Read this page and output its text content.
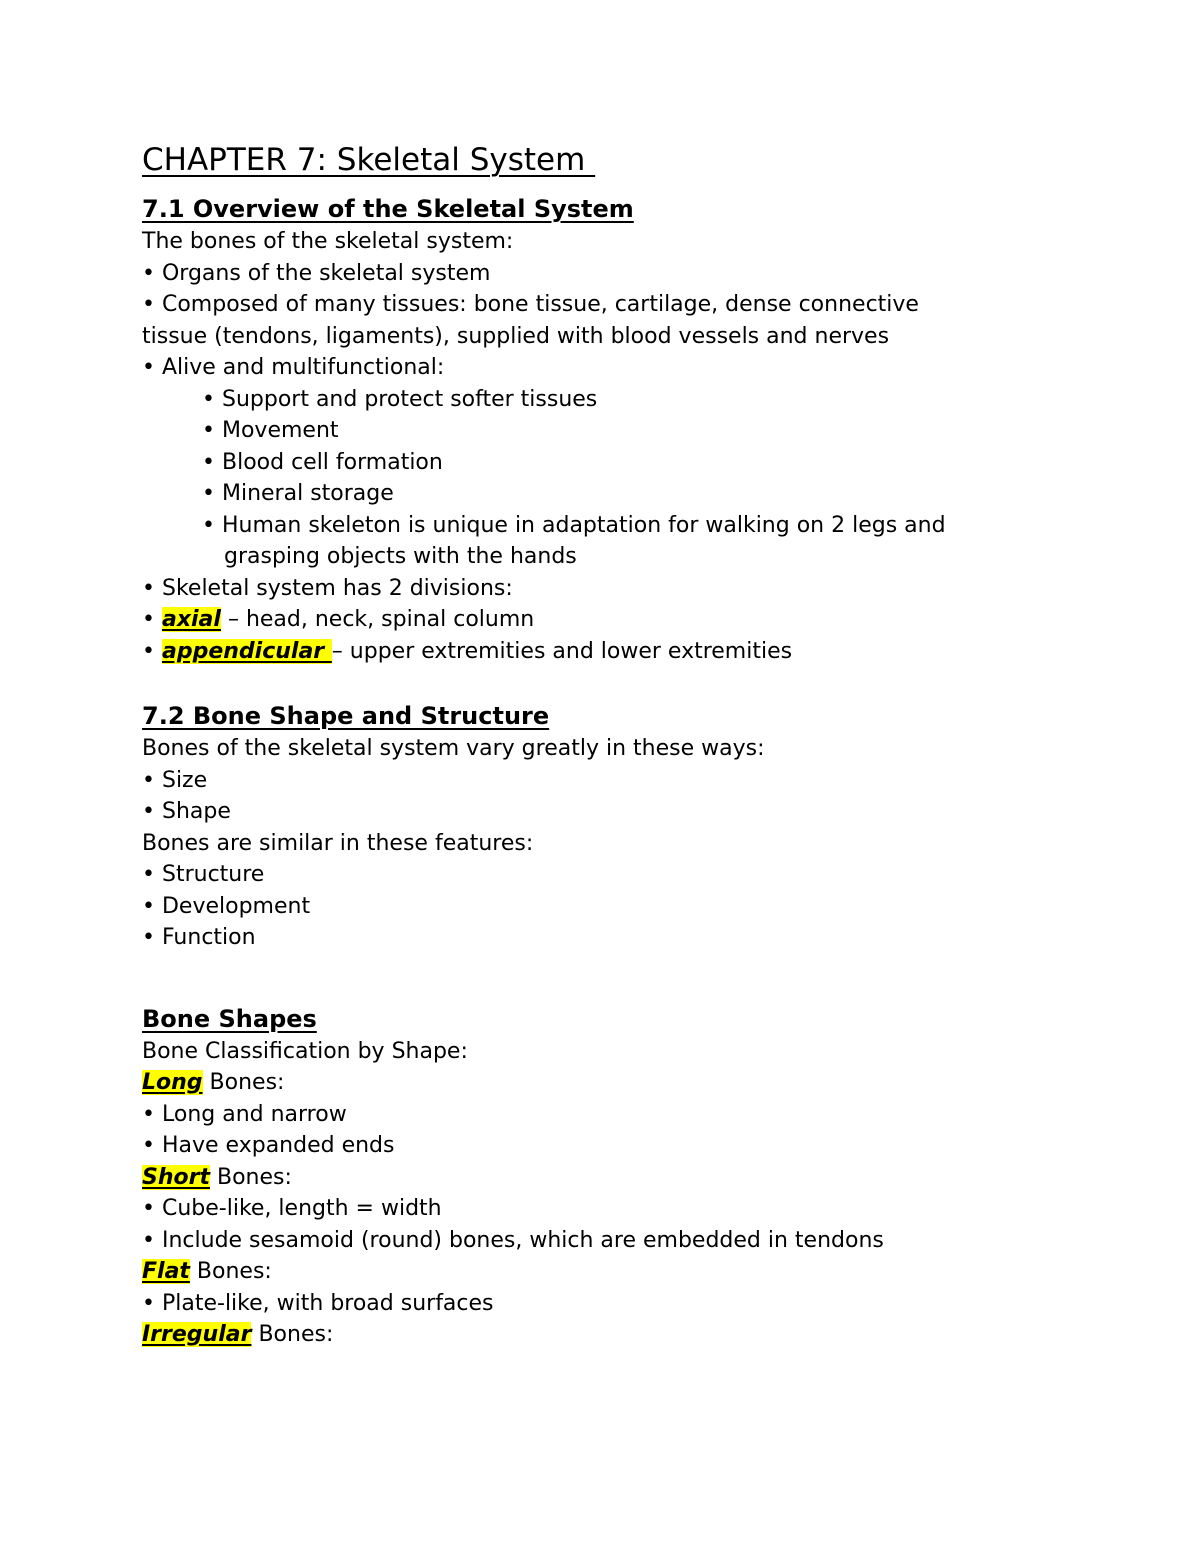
CHAPTER 7: Skeletal System
7.1 Overview of the Skeletal System
The bones of the skeletal system:
• Organs of the skeletal system
• Composed of many tissues: bone tissue, cartilage, dense connective
tissue (tendons, ligaments), supplied with blood vessels and nerves
• Alive and multifunctional:
• Support and protect softer tissues
• Movement
• Blood cell formation
• Mineral storage
• Human skeleton is unique in adaptation for walking on 2 legs and
grasping objects with the hands
• Skeletal system has 2 divisions:
• axial – head, neck, spinal column
• appendicular – upper extremities and lower extremities
7.2 Bone Shape and Structure
Bones of the skeletal system vary greatly in these ways:
• Size
• Shape
Bones are similar in these features:
• Structure
• Development
• Function
Bone Shapes
Bone Classification by Shape:
Long Bones:
• Long and narrow
• Have expanded ends
Short Bones:
• Cube-like, length = width
• Include sesamoid (round) bones, which are embedded in tendons
Flat Bones:
• Plate-like, with broad surfaces
Irregular Bones:
